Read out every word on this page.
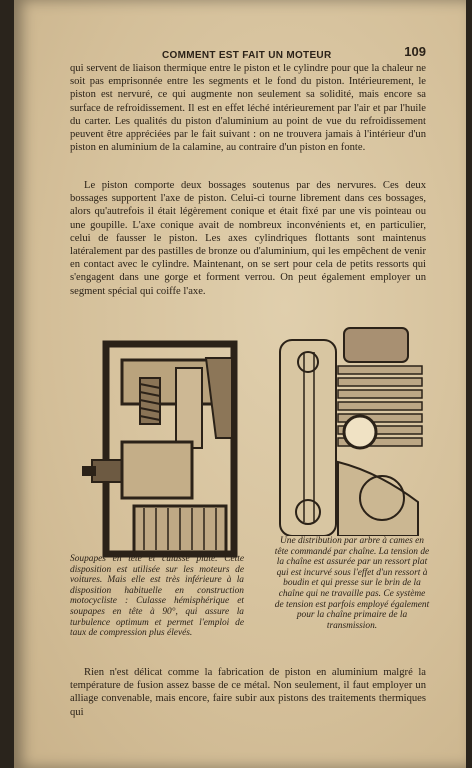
COMMENT EST FAIT UN MOTEUR	109

qui servent de liaison thermique entre le piston et le cylindre pour que la chaleur ne soit pas emprisonnée entre les segments et le fond du piston. Intérieurement, le piston est nervuré, ce qui augmente non seulement sa solidité, mais encore sa surface de refroidissement. Il est en effet léché intérieurement par l'air et par l'huile du carter. Les qualités du piston d'aluminium au point de vue du refroidissement peuvent être appréciées par le fait suivant : on ne trouvera jamais à l'intérieur d'un piston en aluminium de la calamine, au contraire d'un piston en fonte.

Le piston comporte deux bossages soutenus par des nervures. Ces deux bossages supportent l'axe de piston. Celui-ci tourne librement dans ces bossages, alors qu'autrefois il était légèrement conique et était fixé par une vis pointeau ou une goupille. L'axe conique avait de nombreux inconvénients et, en particulier, celui de fausser le piston. Les axes cylindriques flottants sont maintenus latéralement par des pastilles de bronze ou d'aluminium, qui les empêchent de venir en contact avec le cylindre. Maintenant, on se sert pour cela de petits ressorts qui s'engagent dans une gorge et forment verrou. On peut également employer un segment spécial qui coiffe l'axe.

Soupapes en tête et culasse plate. Cette disposition est utilisée sur les moteurs de voitures. Mais elle est très inférieure à la disposition habituelle en construction motocycliste : Culasse hémisphérique et soupapes en tête à 90°, qui assure la turbulence optimum et permet l'emploi de taux de compression plus élevés.
Une distribution par arbre à cames en tête commandé par chaîne. La tension de la chaîne est assurée par un ressort plat qui est incurvé sous l'effet d'un ressort à boudin et qui presse sur le brin de la chaîne qui ne travaille pas. Ce système de tension est parfois employé également pour la chaîne primaire de la transmission.

Rien n'est délicat comme la fabrication de piston en aluminium malgré la température de fusion assez basse de ce métal. Non seulement, il faut employer un alliage convenable, mais encore, faire subir aux pistons des traitements thermiques qui
